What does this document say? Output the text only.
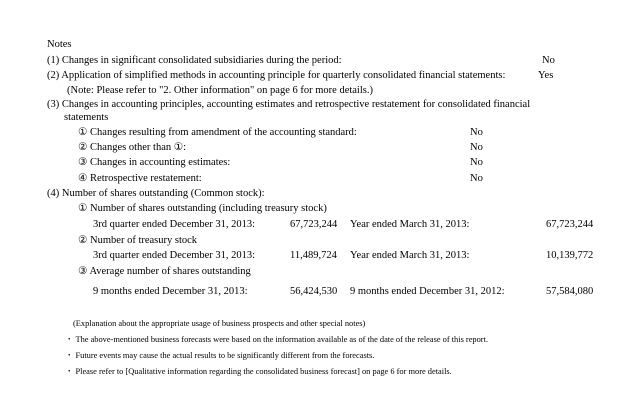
Notes
(1) Changes in significant consolidated subsidiaries during the period:	No
(2) Application of simplified methods in accounting principle for quarterly consolidated financial statements:	Yes
(Note: Please refer to "2. Other information" on page 6 for more details.)
(3) Changes in accounting principles, accounting estimates and retrospective restatement for consolidated financial
statements
① Changes resulting from amendment of the accounting standard:	No
② Changes other than ①:	No
③ Changes in accounting estimates:	No
④ Retrospective restatement:	No
(4) Number of shares outstanding (Common stock):
① Number of shares outstanding (including treasury stock)
3rd quarter ended December 31, 2013:	67,723,244 Year ended March 31, 2013:	67,723,244
② Number of treasury stock
3rd quarter ended December 31, 2013:	11,489,724 Year ended March 31, 2013:	10,139,772
③ Average number of shares outstanding
9 months ended December 31, 2013:	56,424,530 9 months ended December 31, 2012:	57,584,080
(Explanation about the appropriate usage of business prospects and other special notes)
・ The above-mentioned business forecasts were based on the information available as of the date of the release of this report.
・ Future events may cause the actual results to be significantly different from the forecasts.
・ Please refer to [Qualitative information regarding the consolidated business forecast] on page 6 for more details.
